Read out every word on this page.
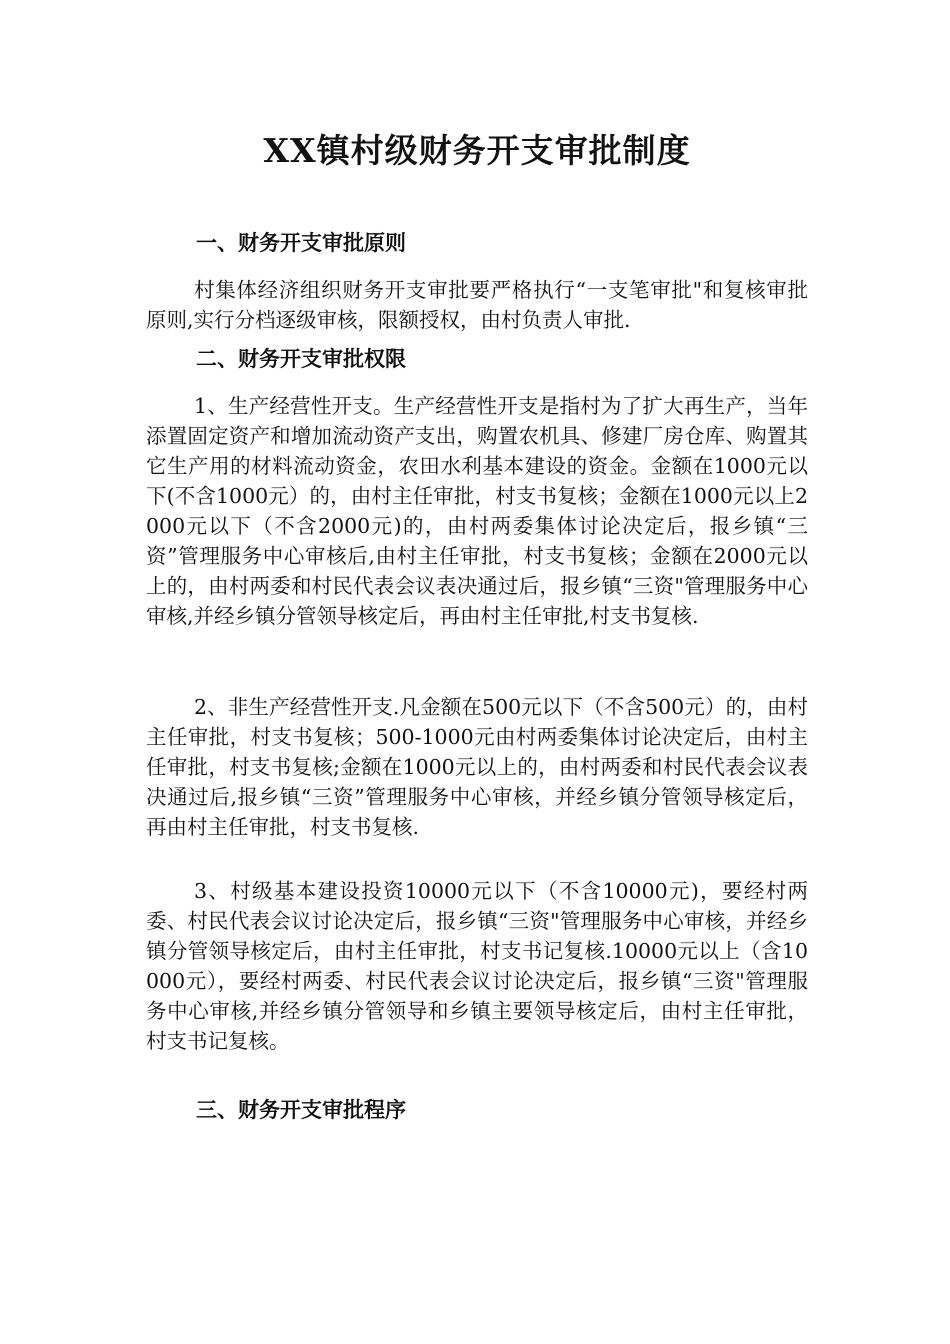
XX镇村级财务开支审批制度
一、财务开支审批原则

村集体经济组织财务开支审批要严格执行“一支笔审批"和复核审批原则,实行分档逐级审核，限额授权，由村负责人审批.

二、财务开支审批权限

1、生产经营性开支。生产经营性开支是指村为了扩大再生产，当年添置固定资产和增加流动资产支出，购置农机具、修建厂房仓库、购置其它生产用的材料流动资金，农田水利基本建设的资金。金额在1000元以下(不含1000元）的，由村主任审批，村支书复核；金额在1000元以上2000元以下（不含2000元)的，由村两委集体讨论决定后，报乡镇“三资”管理服务中心审核后,由村主任审批，村支书复核；金额在2000元以上的，由村两委和村民代表会议表决通过后，报乡镇“三资"管理服务中心审核,并经乡镇分管领导核定后，再由村主任审批,村支书复核.

2、非生产经营性开支.凡金额在500元以下（不含500元）的，由村主任审批，村支书复核；500-1000元由村两委集体讨论决定后，由村主任审批，村支书复核;金额在1000元以上的，由村两委和村民代表会议表决通过后,报乡镇“三资”管理服务中心审核，并经乡镇分管领导核定后，再由村主任审批，村支书复核.

3、村级基本建设投资10000元以下（不含10000元)，要经村两委、村民代表会议讨论决定后，报乡镇“三资"管理服务中心审核，并经乡镇分管领导核定后，由村主任审批，村支书记复核.10000元以上（含10000元），要经村两委、村民代表会议讨论决定后，报乡镇“三资"管理服务中心审核,并经乡镇分管领导和乡镇主要领导核定后，由村主任审批，村支书记复核。

三、财务开支审批程序
